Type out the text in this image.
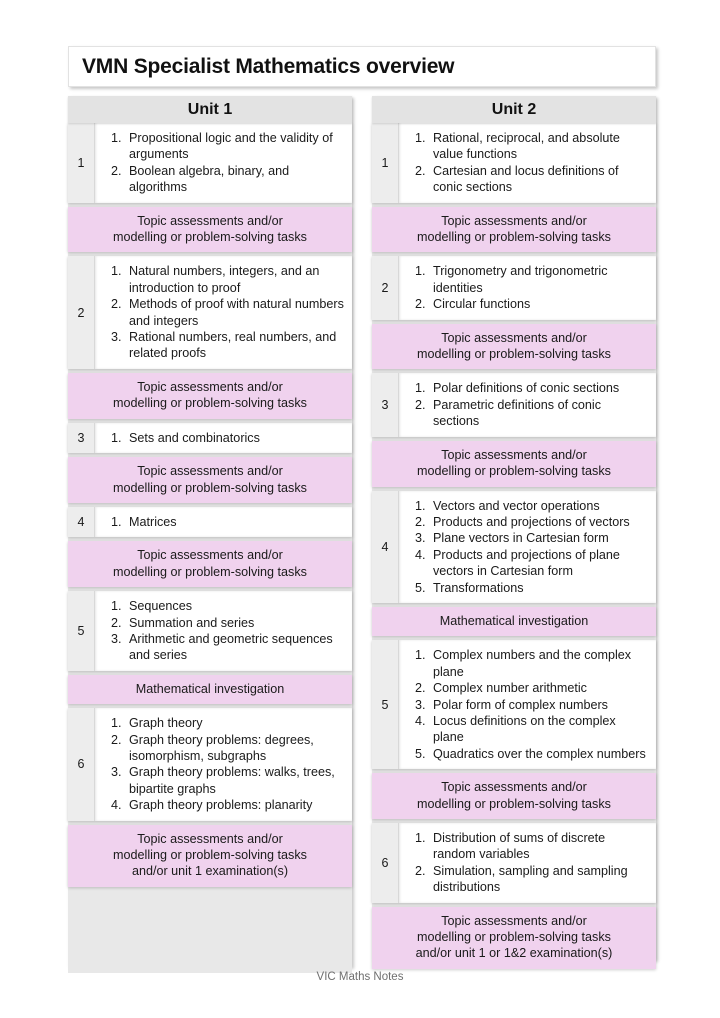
VMN Specialist Mathematics overview
Unit 1
1
1. Propositional logic and the validity of arguments
2. Boolean algebra, binary, and algorithms
Topic assessments and/or
modelling or problem-solving tasks
2
1. Natural numbers, integers, and an introduction to proof
2. Methods of proof with natural numbers and integers
3. Rational numbers, real numbers, and related proofs
Topic assessments and/or
modelling or problem-solving tasks
3	1. Sets and combinatorics
Topic assessments and/or
modelling or problem-solving tasks
4	1. Matrices
Topic assessments and/or
modelling or problem-solving tasks
5
1. Sequences
2. Summation and series
3. Arithmetic and geometric sequences and series
Mathematical investigation
6
1. Graph theory
2. Graph theory problems: degrees, isomorphism, subgraphs
3. Graph theory problems: walks, trees, bipartite graphs
4. Graph theory problems: planarity
Topic assessments and/or
modelling or problem-solving tasks
and/or unit 1 examination(s)
Unit 2
1
1. Rational, reciprocal, and absolute value functions
2. Cartesian and locus definitions of conic sections
Topic assessments and/or
modelling or problem-solving tasks
2
1. Trigonometry and trigonometric identities
2. Circular functions
Topic assessments and/or
modelling or problem-solving tasks
3
1. Polar definitions of conic sections
2. Parametric definitions of conic sections
Topic assessments and/or
modelling or problem-solving tasks
4
1. Vectors and vector operations
2. Products and projections of vectors
3. Plane vectors in Cartesian form
4. Products and projections of plane vectors in Cartesian form
5. Transformations
Mathematical investigation
5
1. Complex numbers and the complex plane
2. Complex number arithmetic
3. Polar form of complex numbers
4. Locus definitions on the complex plane
5. Quadratics over the complex numbers
Topic assessments and/or
modelling or problem-solving tasks
6
1. Distribution of sums of discrete random variables
2. Simulation, sampling and sampling distributions
Topic assessments and/or
modelling or problem-solving tasks
and/or unit 1 or 1&2 examination(s)
VIC Maths Notes
